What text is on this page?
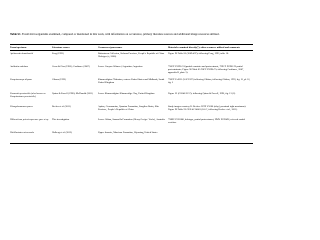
Table S1. Fossil microorganisms examined, compared or mentioned in this work, with information on occurrence, primary literature sources and additional image resources utilized.
Taxon/specimen	Literature source	Occurrence/provenance	Materials examined directly(*), other resources utilized and comments
Aphiernotia bantrhuchii	Peng (1993)	Baitoutown Collecion, Sichuan Province, People's Republic of China Holotype (a, 2000)	Figure 96 Table 85 (2009-497); following Peng, 1993, table 18.
Auldestia amblana	Cross & Oiro (1985); Cardinace (2007)	Lower Canyon Alliance (Argentina; Argentina	*NICF P5996-74 (partial countries and protrectment, *NICF P5996-76 partial protectminate; Figure 96 Table 85 NICF P5996-75; following Cardinace, 2007, appendix B, plate 3).
Campionouspe dispeer	Gibson (1993)	Kimmeridgian /Tithonian, eastern United States and Midlands, South United Kingdom	*NICF P-4321 (S-IC3597) following Gibbon, following Gibbon, 1993, fig. 15, pl. 16, fig. 5
Camnotia proctoridis (also known as Campinotaxus proctoridis)	Quinn & Powell (1996); McDonald (2011)	Lower Kimmeridgian /Kimmeridge Clay, United Kingdom	Figure 32 (GS348 3157); following Quinn & Powell, 1996, fig. 13 (2).
Changchanaurea parva	Becker et al. (2011)	Aptian, Cenomanian, Quantou Formation, Songliao Basin, Jilin Province, People's Republic of China	Study images courtesy R. Becker: IVPP V1660 (ethyl, proximal right maximum). Figure 96 Table 95 GE/L4C14001 (6A/C, following Becker et al., 2011).
Hillersiricea pricsiscopa mer. gen. et sp.	This investigation	Lower Albian, Samarella Formation (Henry Greigs / Voelo), Australia	*NMV P231880, holotype, partial protrectment, NMV P229496, referred caudal vertebra.
Hirilliastatus microseola	Holberg et al. (2013)	Upper Jurassic, Morrison Formation, Wyoming, United States	
